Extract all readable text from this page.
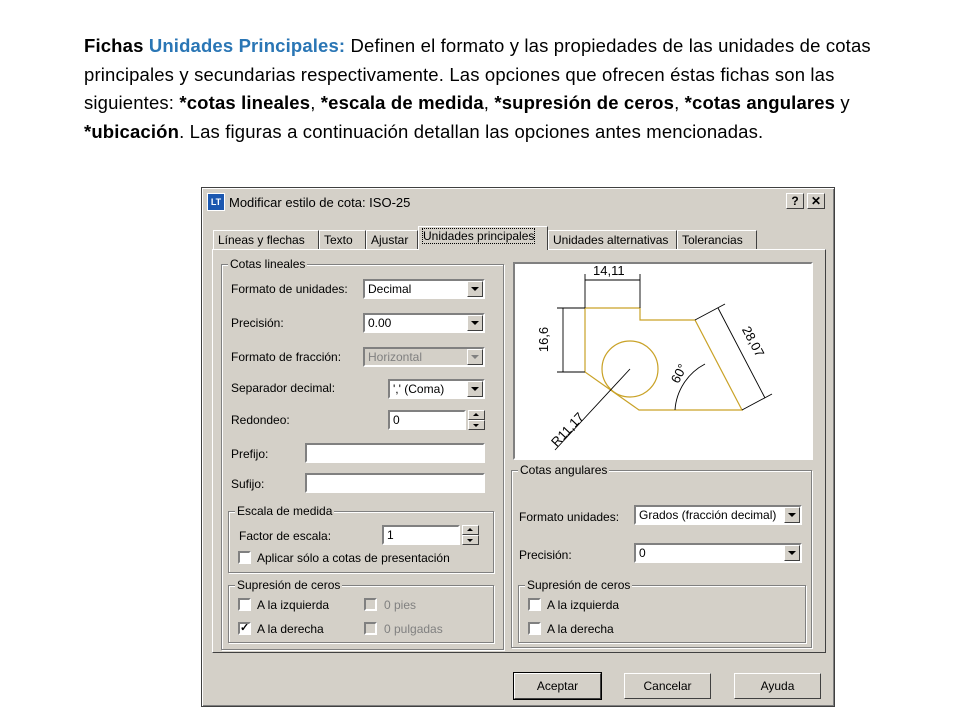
Fichas Unidades Principales: Definen el formato y las propiedades de las unidades de cotas principales y secundarias respectivamente. Las opciones que ofrecen éstas fichas son las siguientes: *cotas lineales, *escala de medida, *supresión de ceros, *cotas angulares y *ubicación. Las figuras a continuación detallan las opciones antes mencionadas.
LT Modificar estilo de cota: ISO-25	?	✕
Líneas y flechas	Texto	Ajustar	Unidades principales	Unidades alternativas	Tolerancias
Cotas lineales
Formato de unidades:	Decimal
Precisión:	0.00
Formato de fracción:	Horizontal
Separador decimal:	',' (Coma)
Redondeo:	0
Prefijo:
Sufijo:
Escala de medida
Factor de escala:	1
Aplicar sólo a cotas de presentación
Supresión de ceros
A la izquierda	0 pies
✓ A la derecha	0 pulgadas
14,11
16,6	28,07
60°
R11,17
Cotas angulares
Formato unidades:	Grados (fracción decimal)
Precisión:	0
Supresión de ceros
A la izquierda
A la derecha
Aceptar	Cancelar	Ayuda
